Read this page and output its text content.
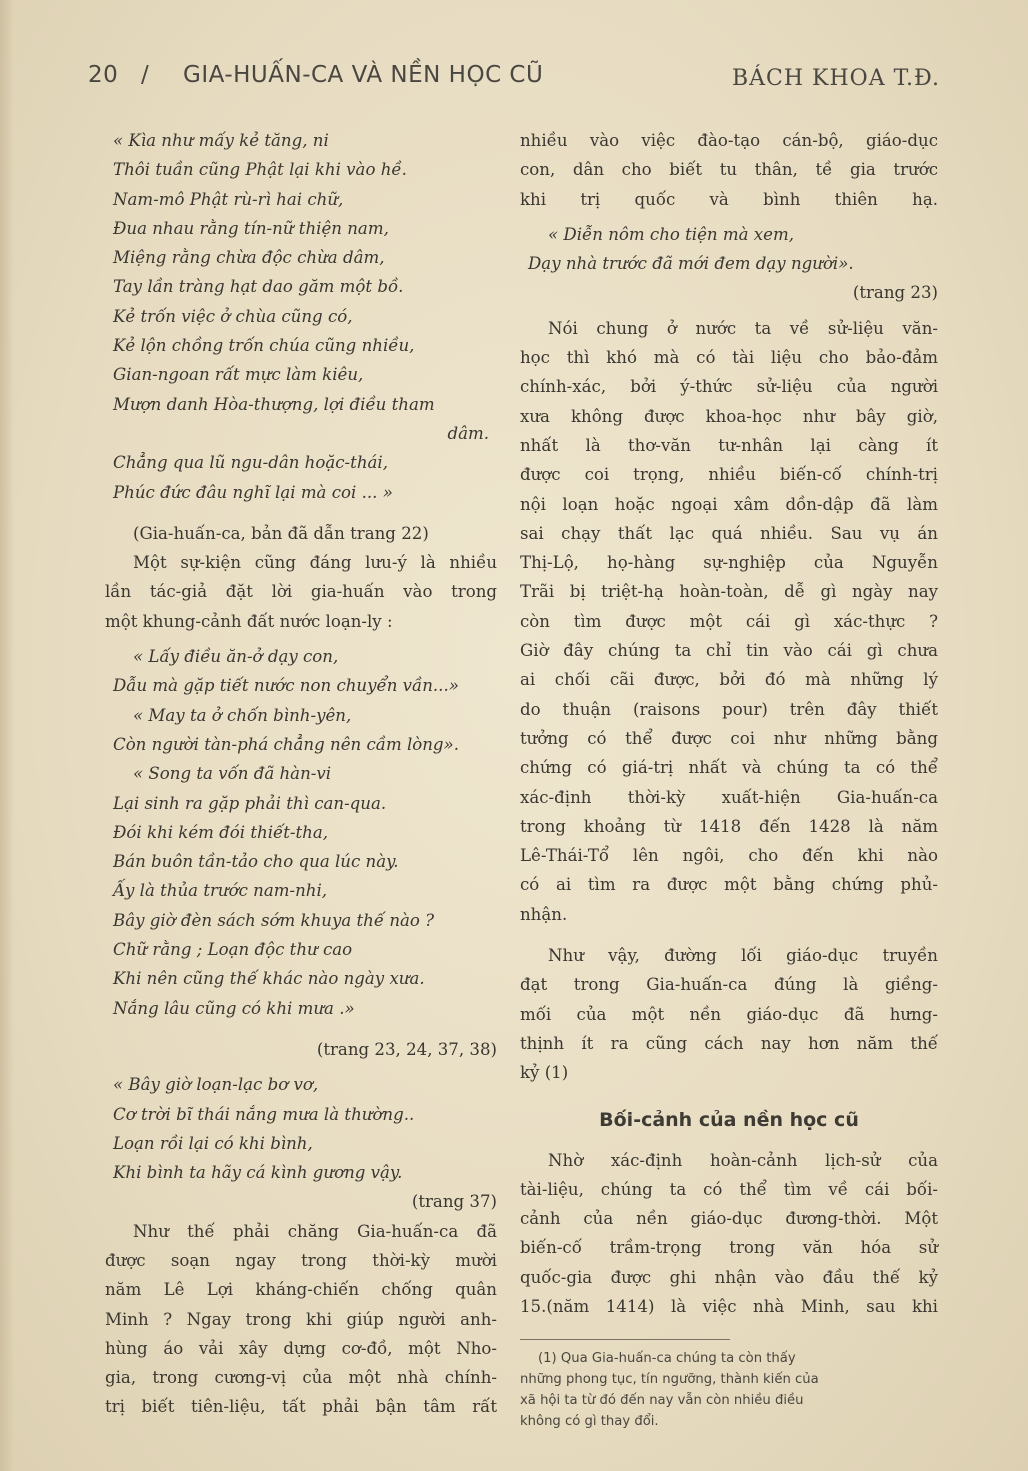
20 / GIA-HUẤN-CA VÀ NỀN HỌC CŨ	BÁCH KHOA T.Đ.
« Kìa như mấy kẻ tăng, ni
Thôi tuần cũng Phật lại khi vào hề.
Nam-mô Phật rù-rì hai chữ,
Đua nhau rằng tín-nữ thiện nam,
Miệng rằng chừa độc chừa dâm,
Tay lần tràng hạt dao găm một bồ.
Kẻ trốn việc ở chùa cũng có,
Kẻ lộn chồng trốn chúa cũng nhiều,
Gian-ngoan rất mực làm kiêu,
Mượn danh Hòa-thượng, lợi điều tham
dâm.
Chẳng qua lũ ngu-dân hoặc-thái,
Phúc đức đâu nghĩ lại mà coi ... »
(Gia-huấn-ca, bản đã dẫn trang 22)
Một sự-kiện cũng đáng lưu-ý là nhiều
lần tác-giả đặt lời gia-huấn vào trong
một khung-cảnh đất nước loạn-ly :
« Lấy điều ăn-ở dạy con,
Dẫu mà gặp tiết nước non chuyển vần...»
« May ta ở chốn bình-yên,
Còn người tàn-phá chẳng nên cầm lòng».
« Song ta vốn đã hàn-vi
Lại sinh ra gặp phải thì can-qua.
Đói khi kém đói thiết-tha,
Bán buôn tần-tảo cho qua lúc này.
Ấy là thủa trước nam-nhi,
Bây giờ đèn sách sớm khuya thế nào ?
Chữ rằng ; Loạn độc thư cao
Khi nên cũng thế khác nào ngày xưa.
Nắng lâu cũng có khi mưa .»
(trang 23, 24, 37, 38)
« Bây giờ loạn-lạc bơ vơ,
Cơ trời bĩ thái nắng mưa là thường..
Loạn rồi lại có khi bình,
Khi bình ta hãy cá kình gương vậy.
(trang 37)
Như thế phải chăng Gia-huấn-ca đã
được soạn ngay trong thời-kỳ mười
năm Lê Lợi kháng-chiến chống quân
Minh ? Ngay trong khi giúp người anh-
hùng áo vải xây dựng cơ-đồ, một Nho-
gia, trong cương-vị của một nhà chính-
trị biết tiên-liệu, tất phải bận tâm rất
nhiều vào việc đào-tạo cán-bộ, giáo-dục
con, dân cho biết tu thân, tề gia trước
khi trị quốc và bình thiên hạ.
« Diễn nôm cho tiện mà xem,
Dạy nhà trước đã mới đem dạy người».
(trang 23)
Nói chung ở nước ta về sử-liệu văn-
học thì khó mà có tài liệu cho bảo-đảm
chính-xác, bởi ý-thức sử-liệu của người
xưa không được khoa-học như bây giờ,
nhất là thơ-văn tư-nhân lại càng ít
được coi trọng, nhiều biến-cố chính-trị
nội loạn hoặc ngoại xâm dồn-dập đã làm
sai chạy thất lạc quá nhiều. Sau vụ án
Thị-Lộ, họ-hàng sự-nghiệp của Nguyễn
Trãi bị triệt-hạ hoàn-toàn, dễ gì ngày nay
còn tìm được một cái gì xác-thực ?
Giờ đây chúng ta chỉ tin vào cái gì chưa
ai chối cãi được, bởi đó mà những lý
do thuận (raisons pour) trên đây thiết
tưởng có thể được coi như những bằng
chứng có giá-trị nhất và chúng ta có thể
xác-định thời-kỳ xuất-hiện Gia-huấn-ca
trong khoảng từ 1418 đến 1428 là năm
Lê-Thái-Tổ lên ngôi, cho đến khi nào
có ai tìm ra được một bằng chứng phủ-
nhận.
Như vậy, đường lối giáo-dục truyền
đạt trong Gia-huấn-ca đúng là giềng-
mối của một nền giáo-dục đã hưng-
thịnh ít ra cũng cách nay hơn năm thế
kỷ (1)
Bối-cảnh của nền học cũ
Nhờ xác-định hoàn-cảnh lịch-sử của
tài-liệu, chúng ta có thể tìm về cái bối-
cảnh của nền giáo-dục đương-thời. Một
biến-cố trầm-trọng trong văn hóa sử
quốc-gia được ghi nhận vào đầu thế kỷ
15.(năm 1414) là việc nhà Minh, sau khi
(1) Qua Gia-huấn-ca chúng ta còn thấy
những phong tục, tín ngưỡng, thành kiến của
xã hội ta từ đó đến nay vẫn còn nhiều điều
không có gì thay đổi.
